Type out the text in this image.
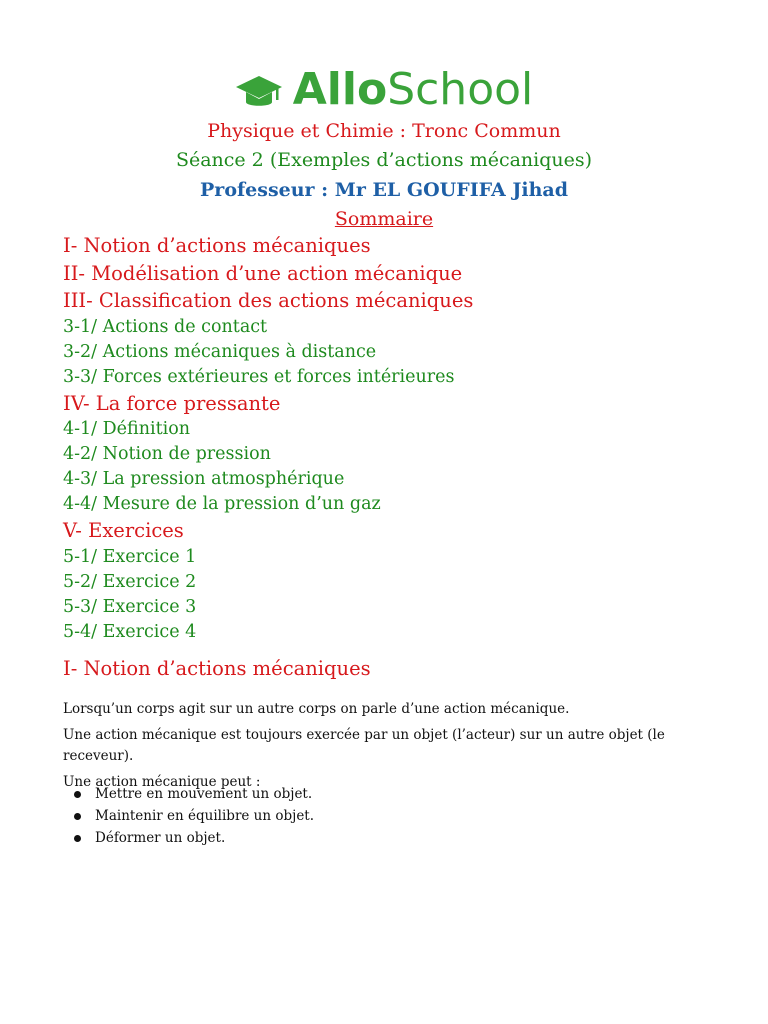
AlloSchool
Physique et Chimie : Tronc Commun
Séance 2 (Exemples d’actions mécaniques)
Professeur : Mr EL GOUFIFA Jihad
Sommaire
I- Notion d’actions mécaniques
II- Modélisation d’une action mécanique
III- Classification des actions mécaniques
3-1/ Actions de contact
3-2/ Actions mécaniques à distance
3-3/ Forces extérieures et forces intérieures
IV- La force pressante
4-1/ Définition
4-2/ Notion de pression
4-3/ La pression atmosphérique
4-4/ Mesure de la pression d’un gaz
V- Exercices
5-1/ Exercice 1
5-2/ Exercice 2
5-3/ Exercice 3
5-4/ Exercice 4
I- Notion d’actions mécaniques

Lorsqu’un corps agit sur un autre corps on parle d’une action mécanique.

Une action mécanique est toujours exercée par un objet (l’acteur) sur un autre objet (le receveur).

Une action mécanique peut :

Mettre en mouvement un objet.
Maintenir en équilibre un objet.
Déformer un objet.
